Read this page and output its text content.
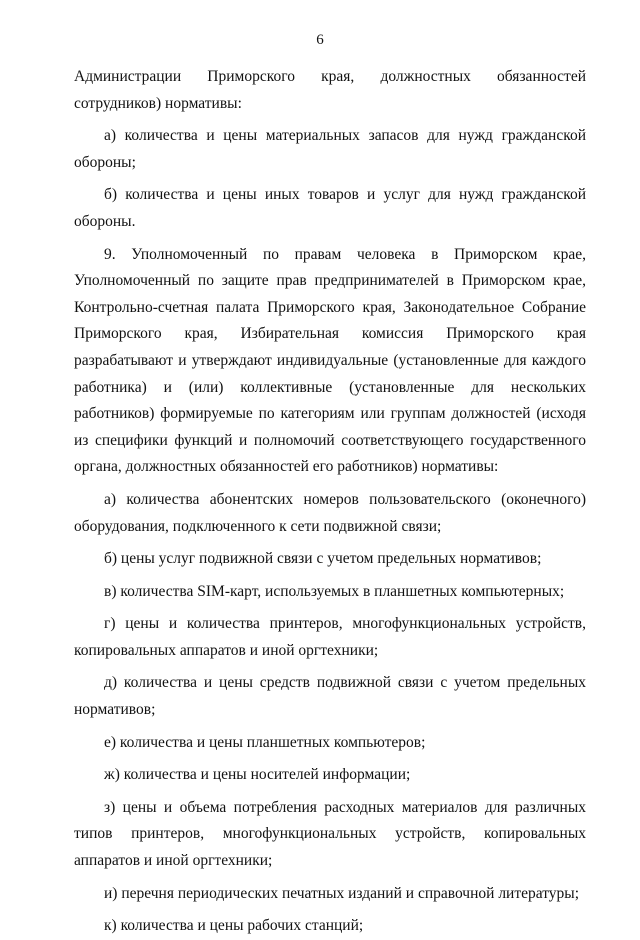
6

Администрации Приморского края, должностных обязанностей сотрудников) нормативы:

а) количества и цены материальных запасов для нужд гражданской обороны;

б) количества и цены иных товаров и услуг для нужд гражданской обороны.

9. Уполномоченный по правам человека в Приморском крае, Уполномоченный по защите прав предпринимателей в Приморском крае, Контрольно-счетная палата Приморского края, Законодательное Собрание Приморского края, Избирательная комиссия Приморского края разрабатывают и утверждают индивидуальные (установленные для каждого работника) и (или) коллективные (установленные для нескольких работников) формируемые по категориям или группам должностей (исходя из специфики функций и полномочий соответствующего государственного органа, должностных обязанностей его работников) нормативы:

а) количества абонентских номеров пользовательского (оконечного) оборудования, подключенного к сети подвижной связи;

б) цены услуг подвижной связи с учетом предельных нормативов;

в) количества SIM-карт, используемых в планшетных компьютерных;

г) цены и количества принтеров, многофункциональных устройств, копировальных аппаратов и иной оргтехники;

д) количества и цены средств подвижной связи с учетом предельных нормативов;

е) количества и цены планшетных компьютеров;

ж) количества и цены носителей информации;

з) цены и объема потребления расходных материалов для различных типов принтеров, многофункциональных устройств, копировальных аппаратов и иной оргтехники;

и) перечня периодических печатных изданий и справочной литературы;

к) количества и цены рабочих станций;
